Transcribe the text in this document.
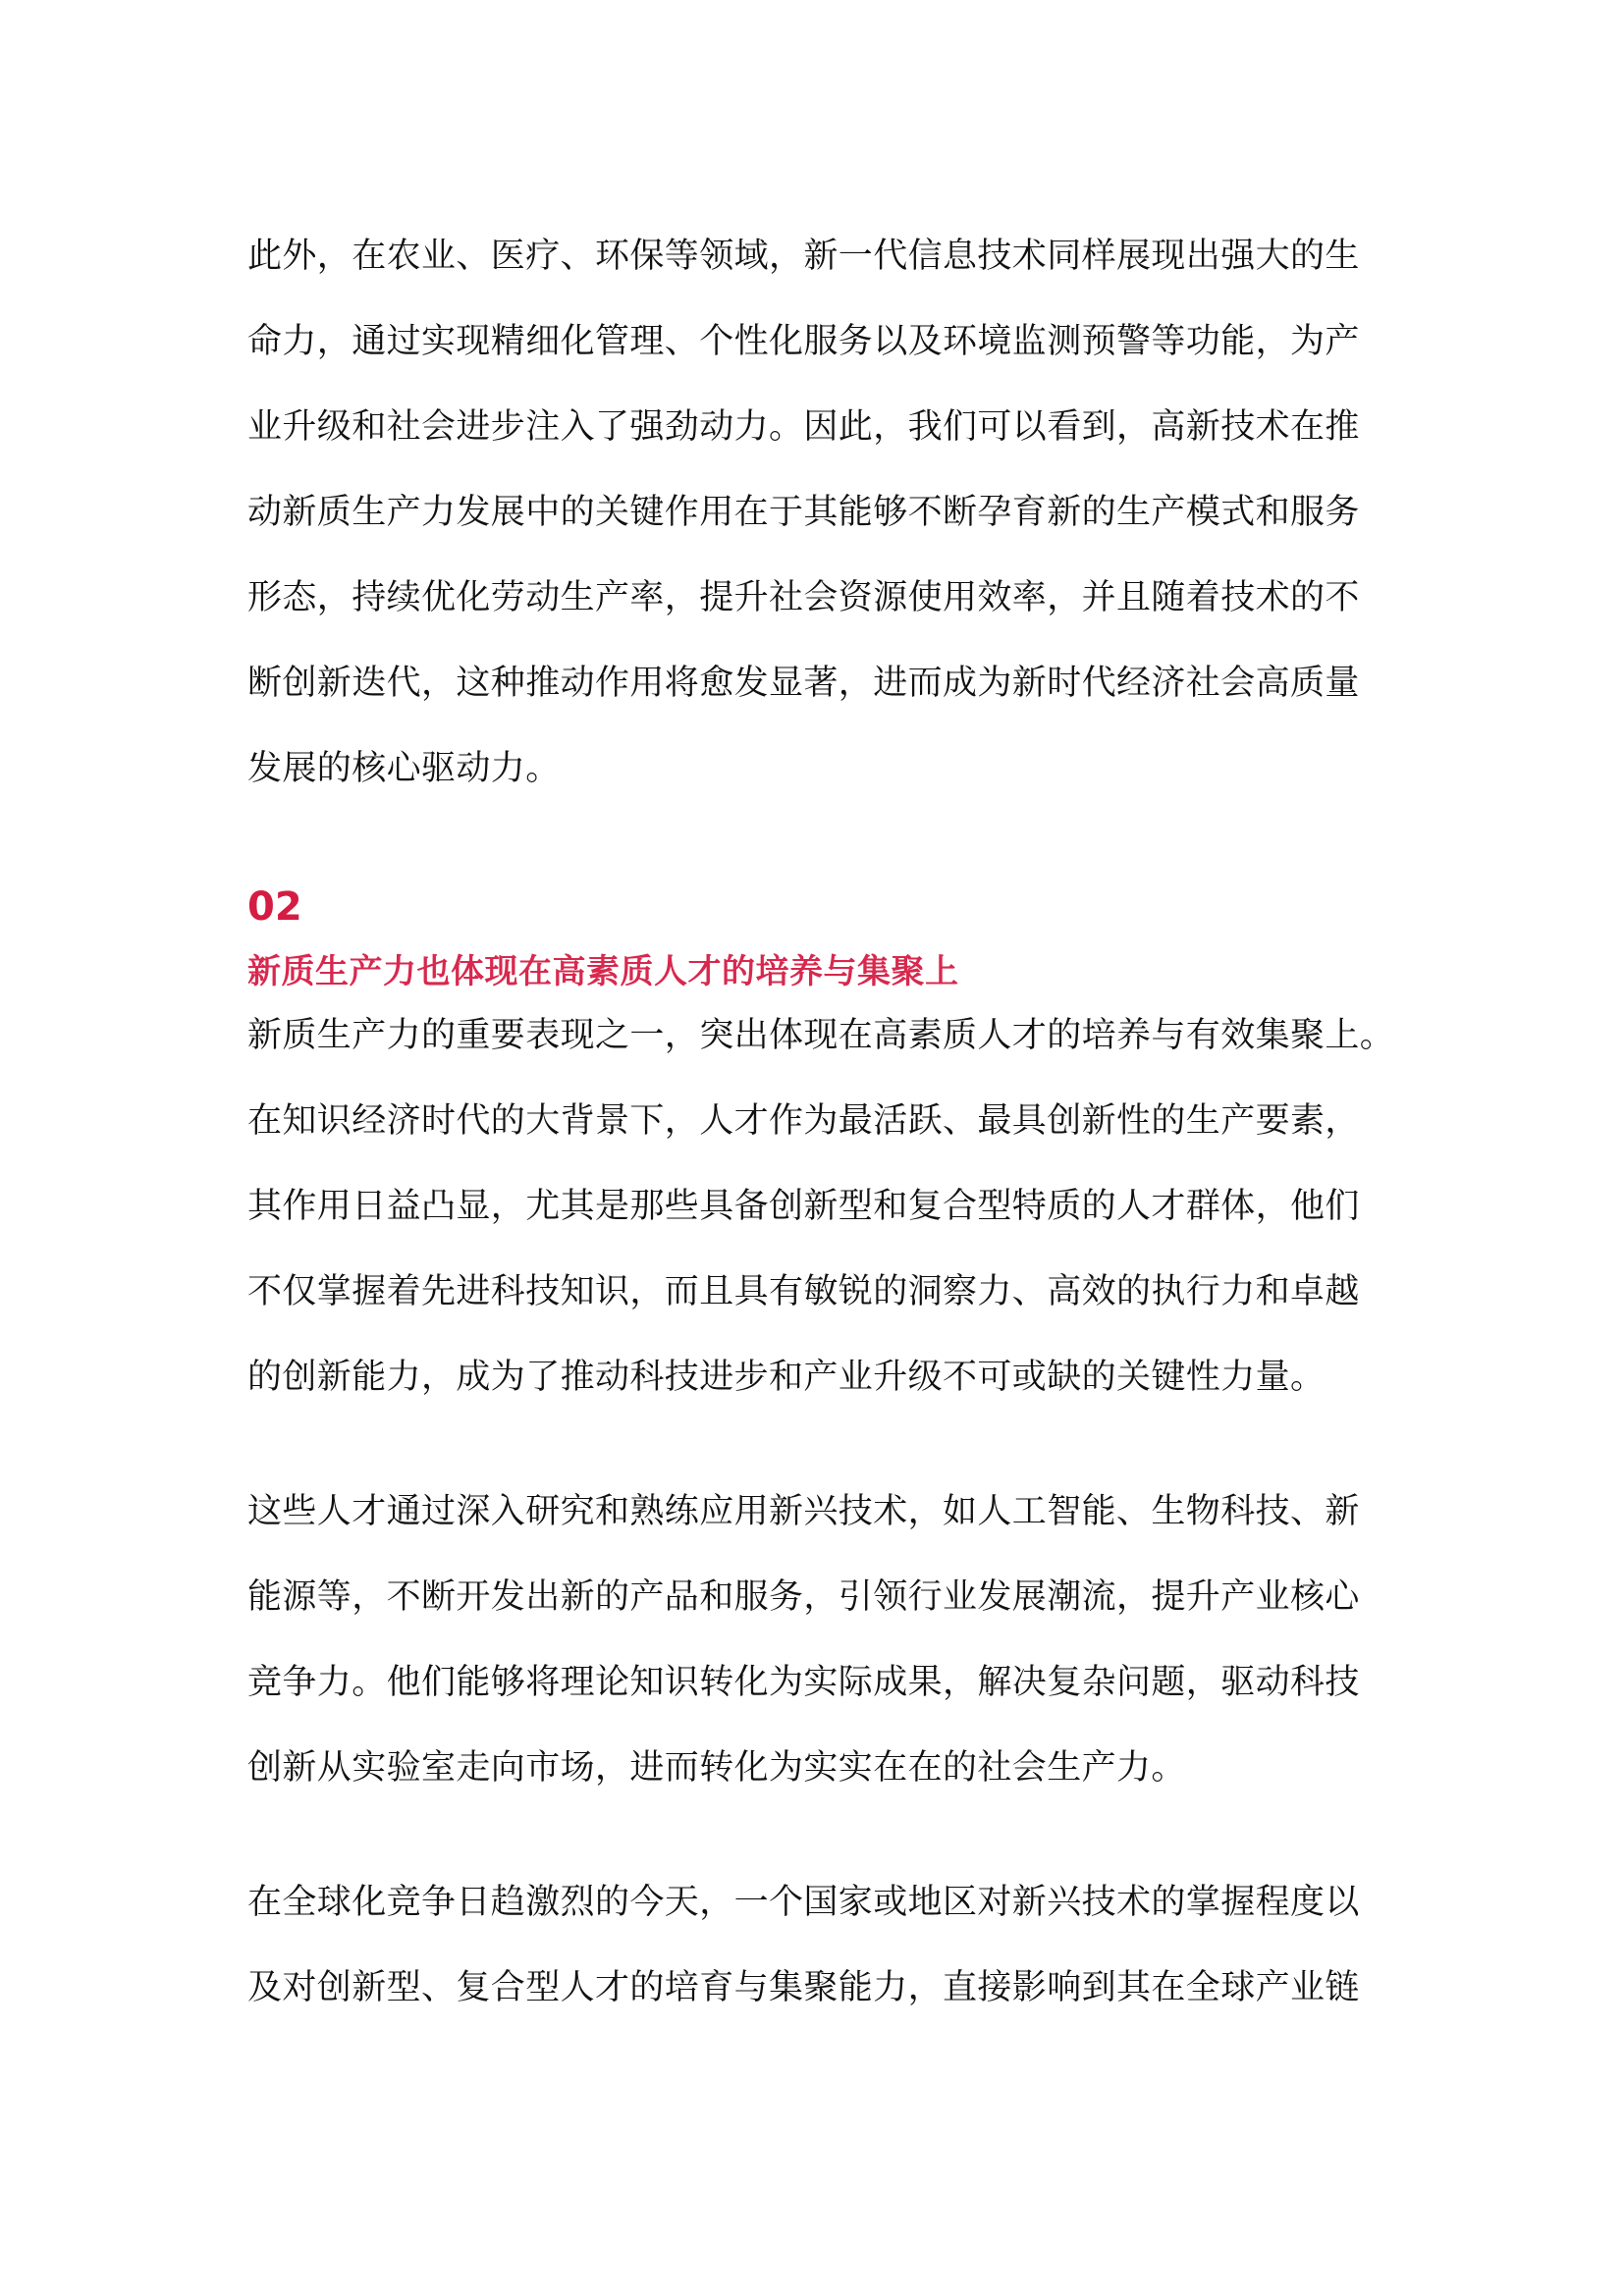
此外，在农业、医疗、环保等领域，新一代信息技术同样展现出强大的生
命力，通过实现精细化管理、个性化服务以及环境监测预警等功能，为产
业升级和社会进步注入了强劲动力。因此，我们可以看到，高新技术在推
动新质生产力发展中的关键作用在于其能够不断孕育新的生产模式和服务
形态，持续优化劳动生产率，提升社会资源使用效率，并且随着技术的不
断创新迭代，这种推动作用将愈发显著，进而成为新时代经济社会高质量
发展的核心驱动力。

02
新质生产力也体现在高素质人才的培养与集聚上

新质生产力的重要表现之一，突出体现在高素质人才的培养与有效集聚上。
在知识经济时代的大背景下，人才作为最活跃、最具创新性的生产要素，
其作用日益凸显，尤其是那些具备创新型和复合型特质的人才群体，他们
不仅掌握着先进科技知识，而且具有敏锐的洞察力、高效的执行力和卓越
的创新能力，成为了推动科技进步和产业升级不可或缺的关键性力量。

这些人才通过深入研究和熟练应用新兴技术，如人工智能、生物科技、新
能源等，不断开发出新的产品和服务，引领行业发展潮流，提升产业核心
竞争力。他们能够将理论知识转化为实际成果，解决复杂问题，驱动科技
创新从实验室走向市场，进而转化为实实在在的社会生产力。

在全球化竞争日趋激烈的今天，一个国家或地区对新兴技术的掌握程度以
及对创新型、复合型人才的培育与集聚能力，直接影响到其在全球产业链
